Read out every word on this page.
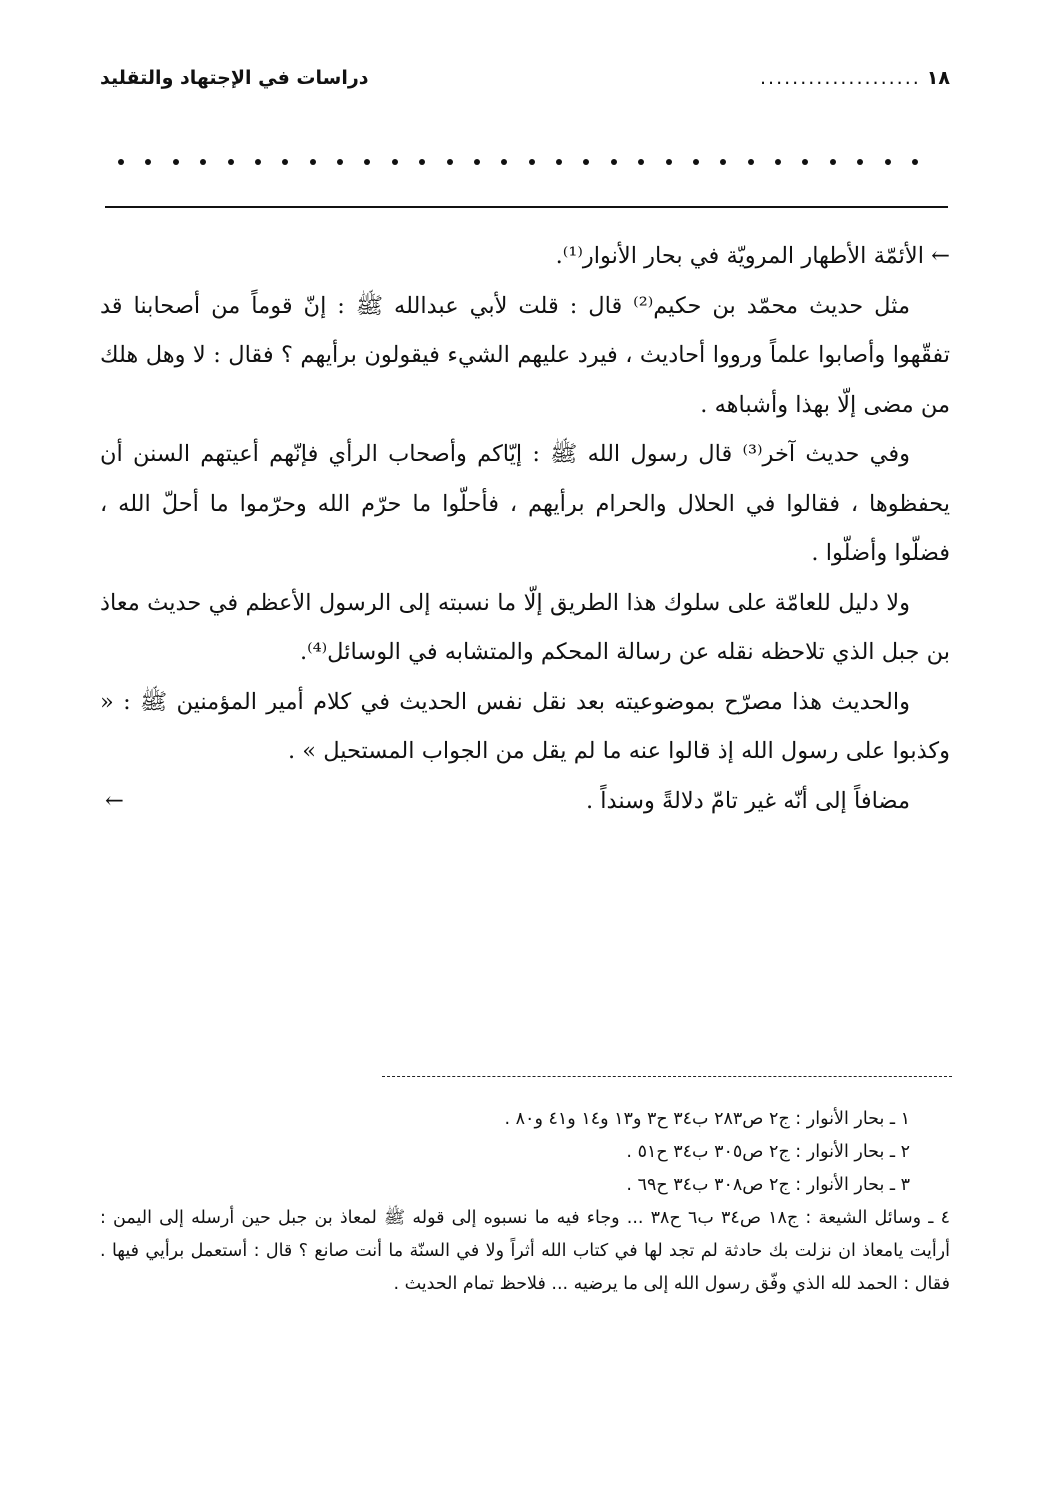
١٨
....................
دراسات في الإجتهاد والتقليد

← الأئمّة الأطهار المرويّة في بحار الأنوار⁽¹⁾.

مثل حديث محمّد بن حكيم⁽²⁾ قال : قلت لأبي عبدالله ﷺ : إنّ قوماً من أصحابنا قد تفقّهوا وأصابوا علماً ورووا أحاديث ، فيرد عليهم الشيء فيقولون برأيهم ؟ فقال : لا وهل هلك من مضى إلّا بهذا وأشباهه .

وفي حديث آخر⁽³⁾ قال رسول الله ﷺ : إيّاكم وأصحاب الرأي فإنّهم أعيتهم السنن أن يحفظوها ، فقالوا في الحلال والحرام برأيهم ، فأحلّوا ما حرّم الله وحرّموا ما أحلّ الله ، فضلّوا وأضلّوا .

ولا دليل للعامّة على سلوك هذا الطريق إلّا ما نسبته إلى الرسول الأعظم في حديث معاذ بن جبل الذي تلاحظه نقله عن رسالة المحكم والمتشابه في الوسائل⁽⁴⁾.

والحديث هذا مصرّح بموضوعيته بعد نقل نفس الحديث في كلام أمير المؤمنين ﷺ : « وكذبوا على رسول الله إذ قالوا عنه ما لم يقل من الجواب المستحيل » .

مضافاً إلى أنّه غير تامّ دلالةً وسنداً .
←

١ ـ بحار الأنوار : ج٢ ص٢٨٣ ب٣٤ ح٣ و١٣ و١٤ و٤١ و٨٠ .

٢ ـ بحار الأنوار : ج٢ ص٣٠٥ ب٣٤ ح٥١ .

٣ ـ بحار الأنوار : ج٢ ص٣٠٨ ب٣٤ ح٦٩ .

٤ ـ وسائل الشيعة : ج١٨ ص٣٤ ب٦ ح٣٨ ... وجاء فيه ما نسبوه إلى قوله ﷺ لمعاذ بن جبل حين أرسله إلى اليمن : أرأيت يامعاذ ان نزلت بك حادثة لم تجد لها في كتاب الله أثراً ولا في السنّة ما أنت صانع ؟ قال : أستعمل برأيي فيها . فقال : الحمد لله الذي وفّق رسول الله إلى ما يرضيه ... فلاحظ تمام الحديث .
